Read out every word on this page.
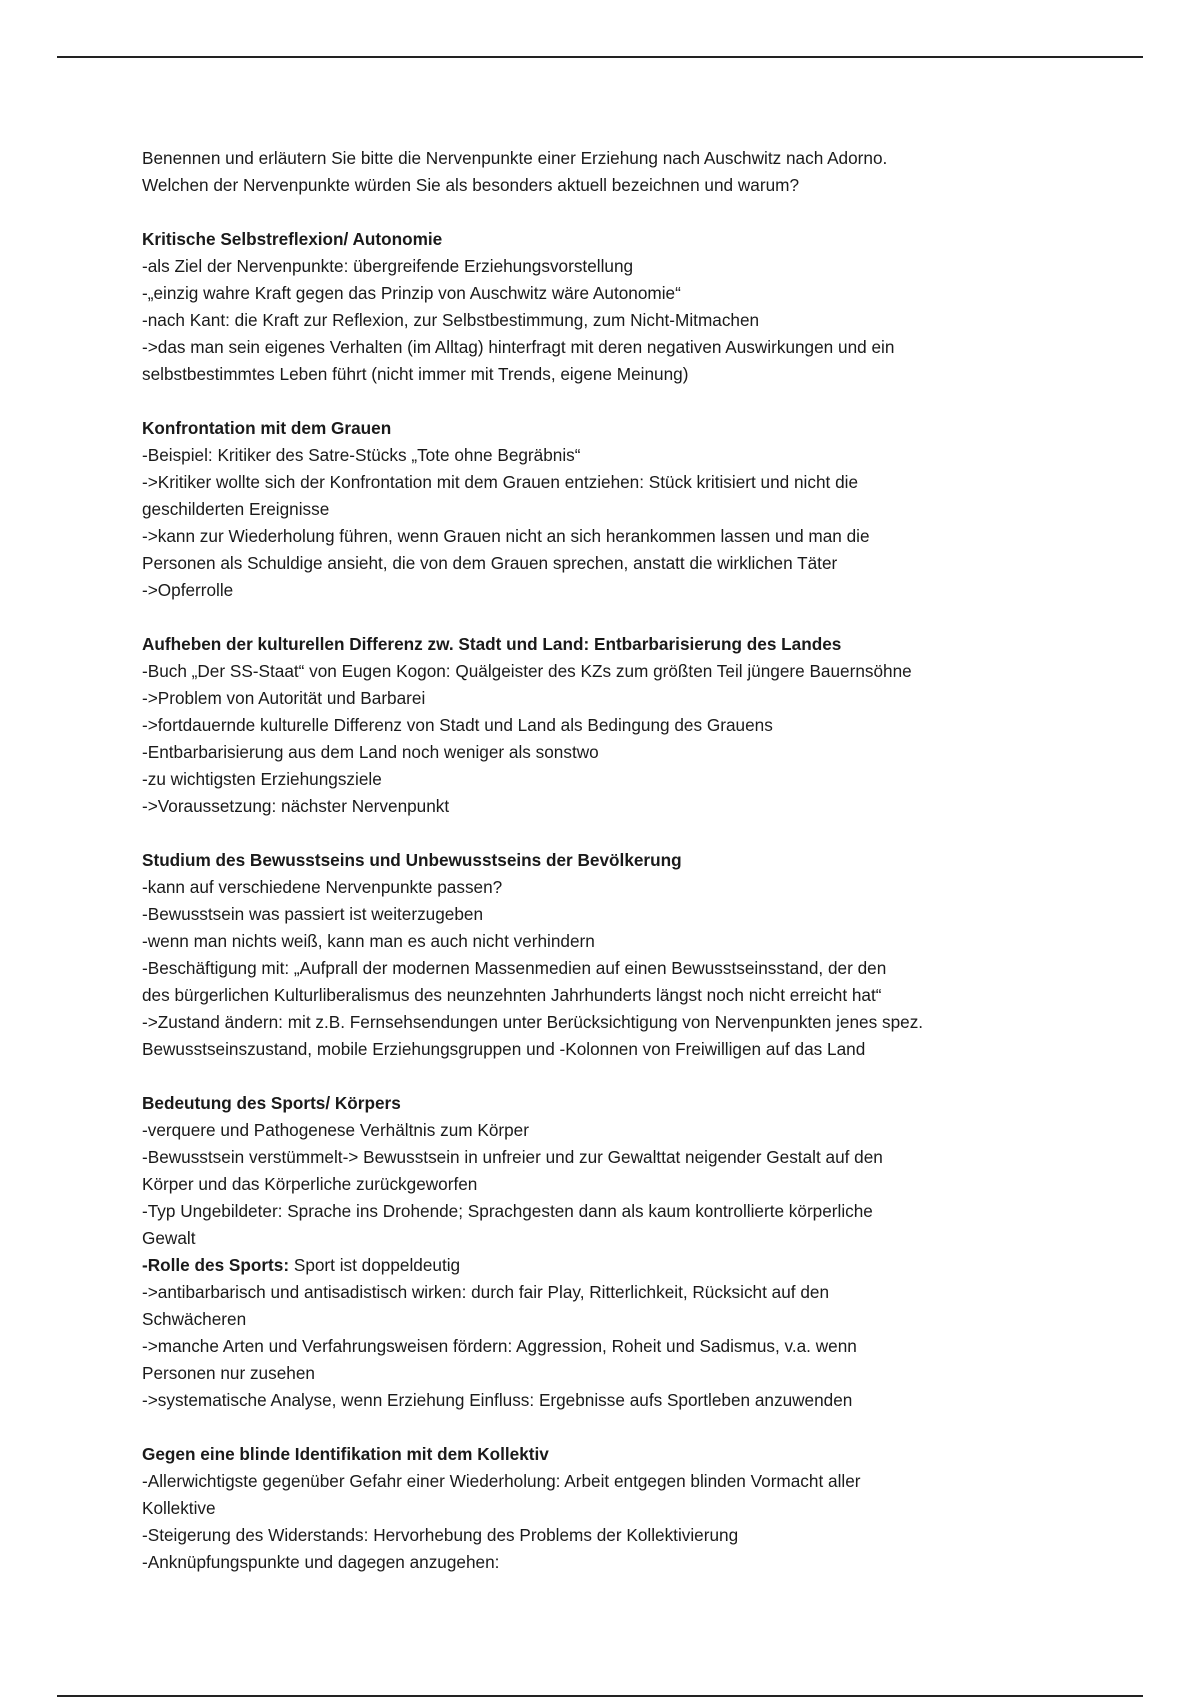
Benennen und erläutern Sie bitte die Nervenpunkte einer Erziehung nach Auschwitz nach Adorno.
Welchen der Nervenpunkte würden Sie als besonders aktuell bezeichnen und warum?
Kritische Selbstreflexion/ Autonomie
-als Ziel der Nervenpunkte: übergreifende Erziehungsvorstellung
-„einzig wahre Kraft gegen das Prinzip von Auschwitz wäre Autonomie“
-nach Kant: die Kraft zur Reflexion, zur Selbstbestimmung, zum Nicht-Mitmachen
->das man sein eigenes Verhalten (im Alltag) hinterfragt mit deren negativen Auswirkungen und ein
selbstbestimmtes Leben führt (nicht immer mit Trends, eigene Meinung)
Konfrontation mit dem Grauen
-Beispiel: Kritiker des Satre-Stücks „Tote ohne Begräbnis“
->Kritiker wollte sich der Konfrontation mit dem Grauen entziehen: Stück kritisiert und nicht die
geschilderten Ereignisse
->kann zur Wiederholung führen, wenn Grauen nicht an sich herankommen lassen und man die
Personen als Schuldige ansieht, die von dem Grauen sprechen, anstatt die wirklichen Täter
->Opferrolle
Aufheben der kulturellen Differenz zw. Stadt und Land: Entbarbarisierung des Landes
-Buch „Der SS-Staat“ von Eugen Kogon: Quälgeister des KZs zum größten Teil jüngere Bauernsöhne
->Problem von Autorität und Barbarei
->fortdauernde kulturelle Differenz von Stadt und Land als Bedingung des Grauens
-Entbarbarisierung aus dem Land noch weniger als sonstwo
-zu wichtigsten Erziehungsziele
->Voraussetzung: nächster Nervenpunkt
Studium des Bewusstseins und Unbewusstseins der Bevölkerung
-kann auf verschiedene Nervenpunkte passen?
-Bewusstsein was passiert ist weiterzugeben
-wenn man nichts weiß, kann man es auch nicht verhindern
-Beschäftigung mit: „Aufprall der modernen Massenmedien auf einen Bewusstseinsstand, der den
des bürgerlichen Kulturliberalismus des neunzehnten Jahrhunderts längst noch nicht erreicht hat“
->Zustand ändern: mit z.B. Fernsehsendungen unter Berücksichtigung von Nervenpunkten jenes spez.
Bewusstseinszustand, mobile Erziehungsgruppen und -Kolonnen von Freiwilligen auf das Land
Bedeutung des Sports/ Körpers
-verquere und Pathogenese Verhältnis zum Körper
-Bewusstsein verstümmelt-> Bewusstsein in unfreier und zur Gewalttat neigender Gestalt auf den
Körper und das Körperliche zurückgeworfen
-Typ Ungebildeter: Sprache ins Drohende; Sprachgesten dann als kaum kontrollierte körperliche
Gewalt
-Rolle des Sports: Sport ist doppeldeutig
->antibarbarisch und antisadistisch wirken: durch fair Play, Ritterlichkeit, Rücksicht auf den
Schwächeren
->manche Arten und Verfahrungsweisen fördern: Aggression, Roheit und Sadismus, v.a. wenn
Personen nur zusehen
->systematische Analyse, wenn Erziehung Einfluss: Ergebnisse aufs Sportleben anzuwenden
Gegen eine blinde Identifikation mit dem Kollektiv
-Allerwichtigste gegenüber Gefahr einer Wiederholung: Arbeit entgegen blinden Vormacht aller
Kollektive
-Steigerung des Widerstands: Hervorhebung des Problems der Kollektivierung
-Anknüpfungspunkte und dagegen anzugehen:
